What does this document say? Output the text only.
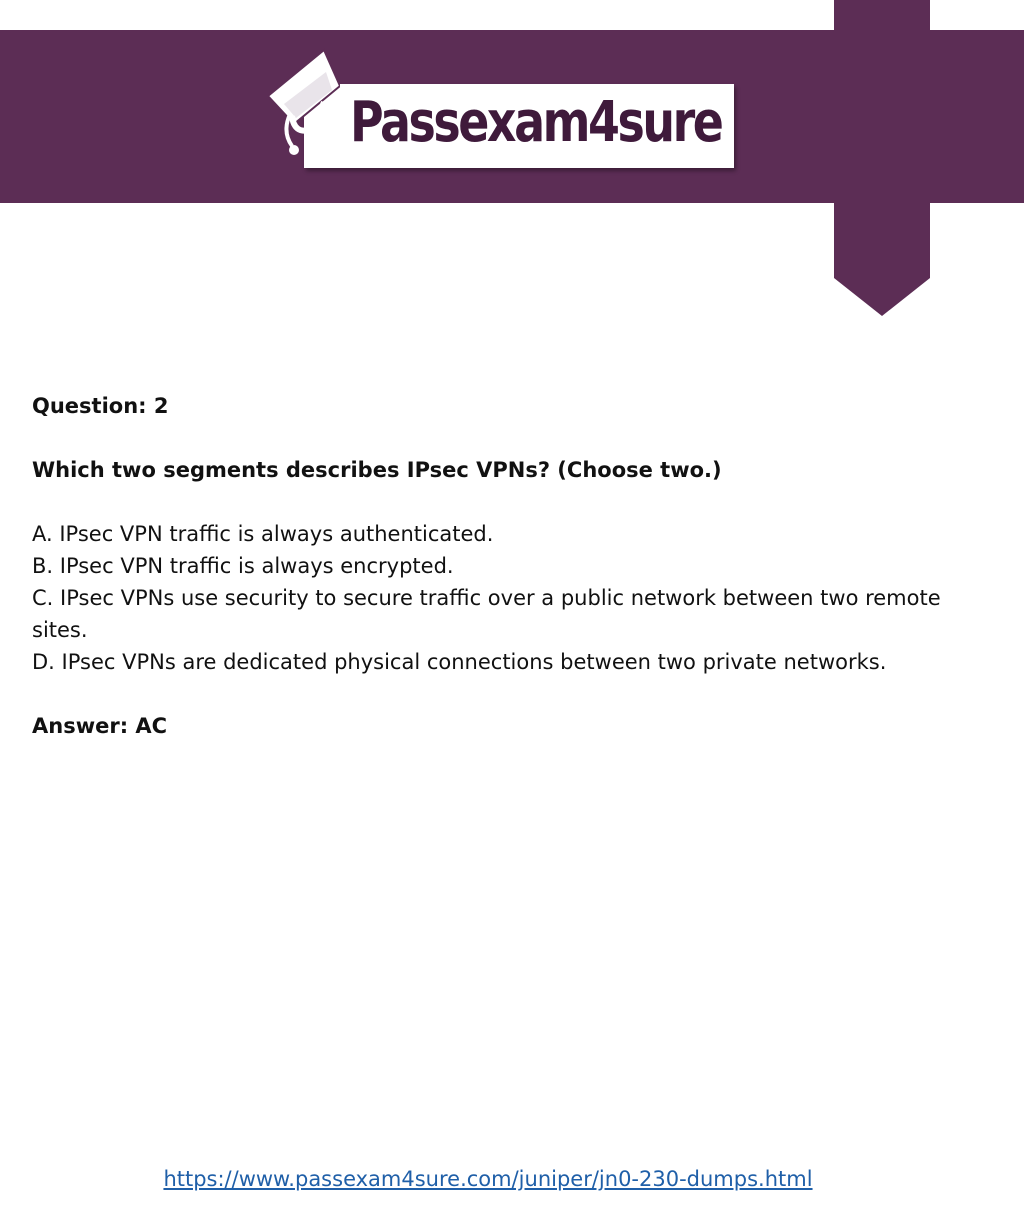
Passexam4sure

Question: 2

Which two segments describes IPsec VPNs? (Choose two.)

A. IPsec VPN traffic is always authenticated.

B. IPsec VPN traffic is always encrypted.

C. IPsec VPNs use security to secure traffic over a public network between two remote sites.

D. IPsec VPNs are dedicated physical connections between two private networks.

Answer: AC

https://www.passexam4sure.com/juniper/jn0-230-dumps.html
